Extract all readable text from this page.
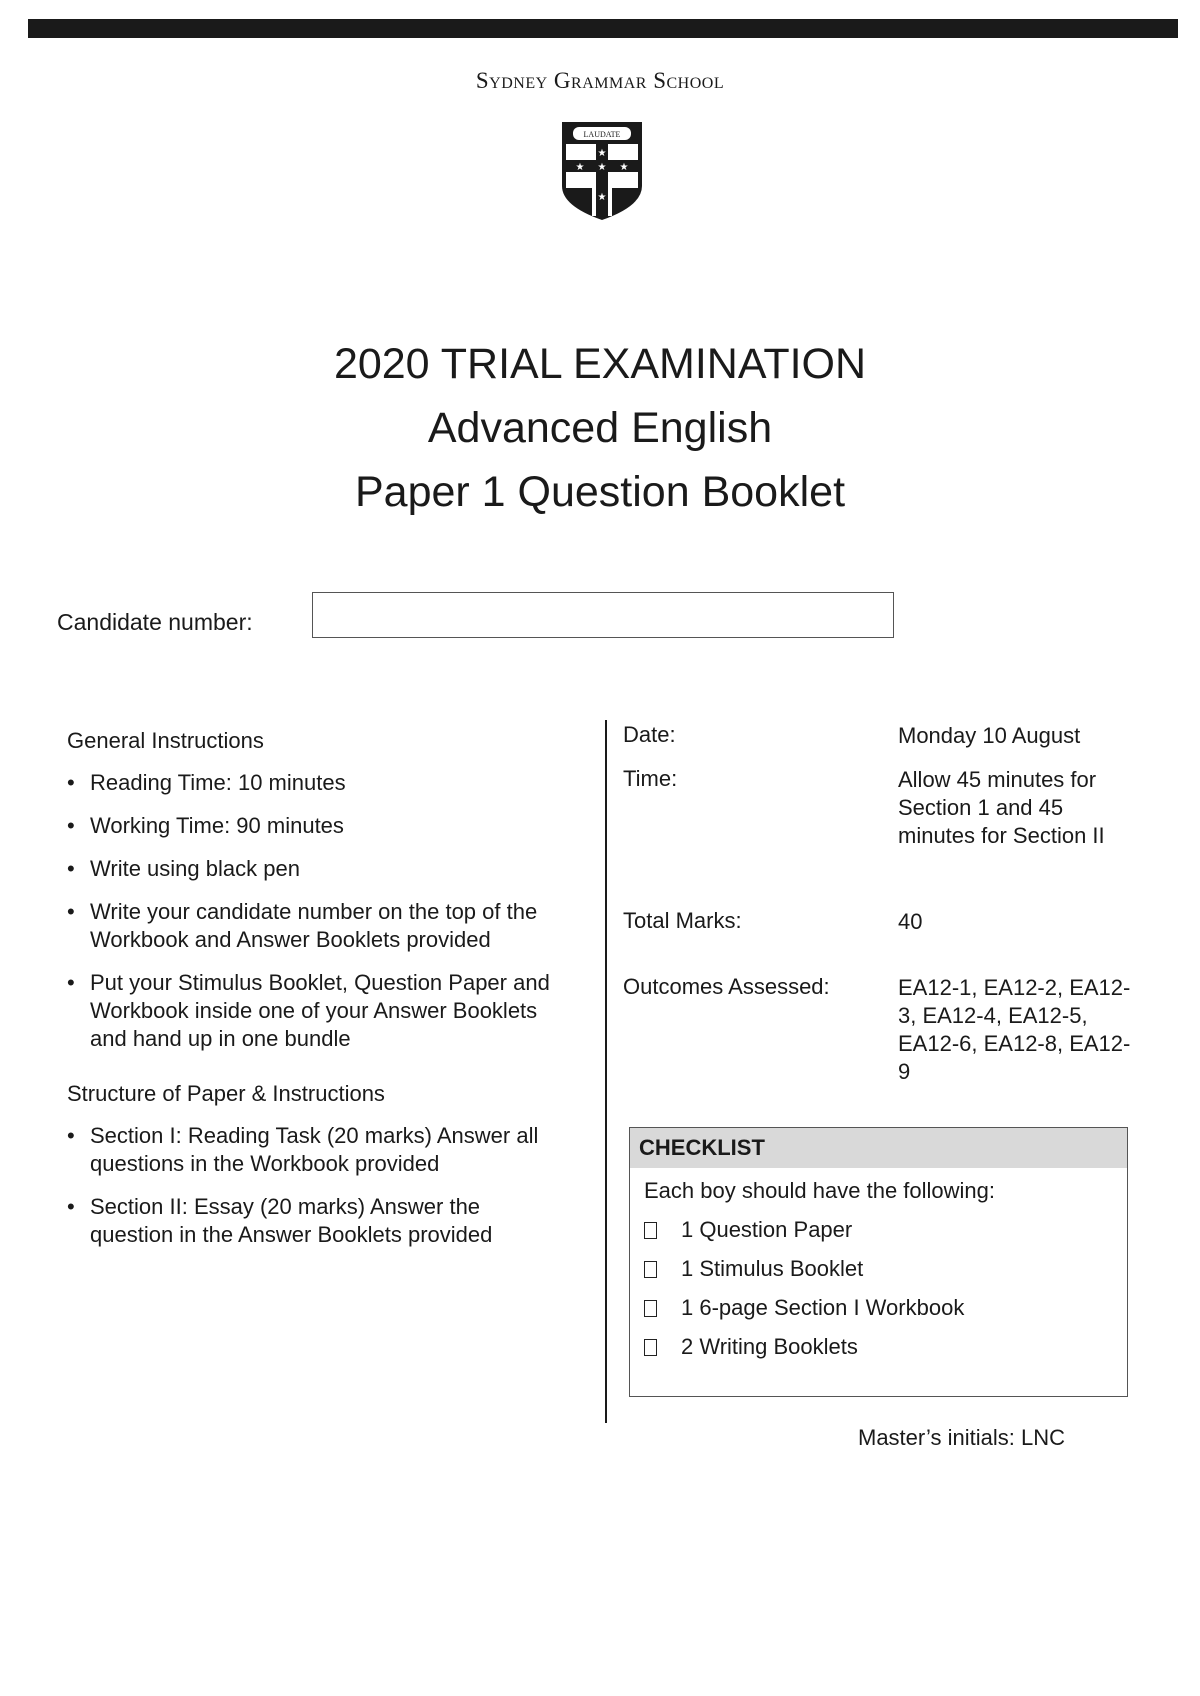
Sydney Grammar School
LAUDATE
★
★ ★ ★
★
2020 TRIAL EXAMINATION
Advanced English
Paper 1 Question Booklet
Candidate number:
General Instructions
• Reading Time: 10 minutes
• Working Time: 90 minutes
• Write using black pen
• Write your candidate number on the top of the Workbook and Answer Booklets provided
• Put your Stimulus Booklet, Question Paper and Workbook inside one of your Answer Booklets and hand up in one bundle
Structure of Paper & Instructions
• Section I: Reading Task (20 marks) Answer all questions in the Workbook provided
• Section II: Essay (20 marks) Answer the question in the Answer Booklets provided
Date:	Monday 10 August
Time:	Allow 45 minutes for Section 1 and 45 minutes for Section II
Total Marks:	40
Outcomes Assessed:	EA12-1, EA12-2, EA12-3, EA12-4, EA12-5, EA12-6, EA12-8, EA12-9
CHECKLIST
Each boy should have the following:
1 Question Paper
1 Stimulus Booklet
1 6-page Section I Workbook
2 Writing Booklets
Master’s initials: LNC
